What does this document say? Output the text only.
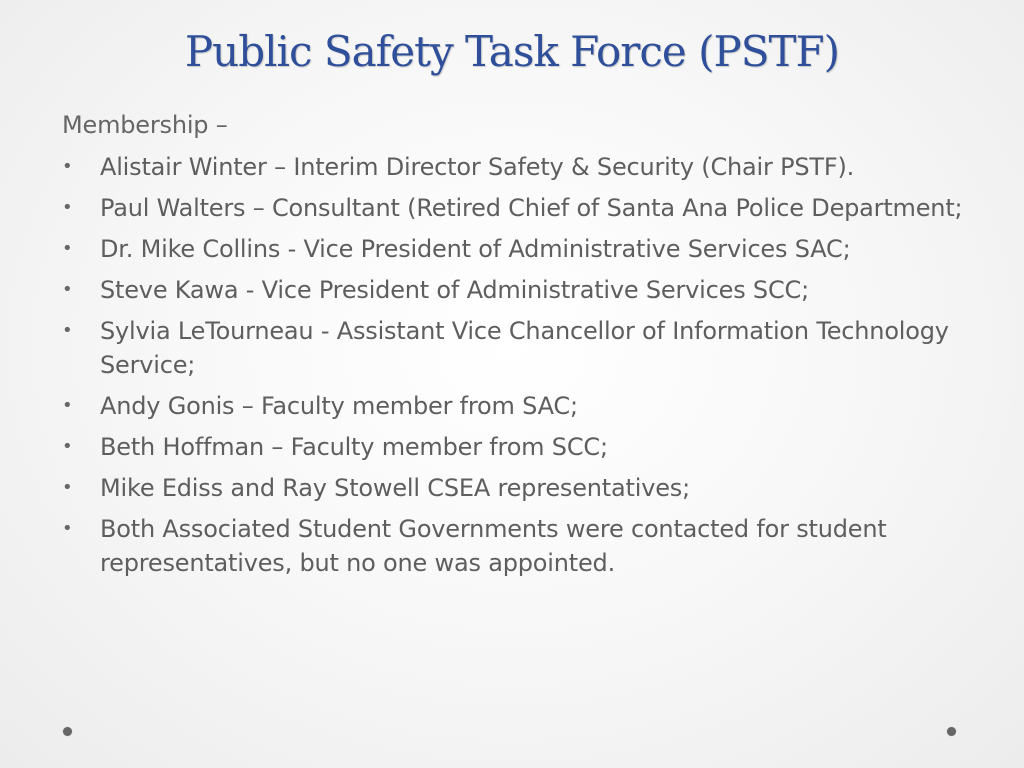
Public Safety Task Force (PSTF)

Membership –

•	Alistair Winter – Interim Director Safety & Security (Chair PSTF).
•	Paul Walters – Consultant (Retired Chief of Santa Ana Police Department;
•	Dr. Mike Collins - Vice President of Administrative Services SAC;
•	Steve Kawa - Vice President of Administrative Services SCC;
•	Sylvia LeTourneau - Assistant Vice Chancellor of Information Technology Service;
•	Andy Gonis – Faculty member from SAC;
•	Beth Hoffman – Faculty member from SCC;
•	Mike Ediss and Ray Stowell CSEA representatives;
•	Both Associated Student Governments were contacted for student representatives, but no one was appointed.
